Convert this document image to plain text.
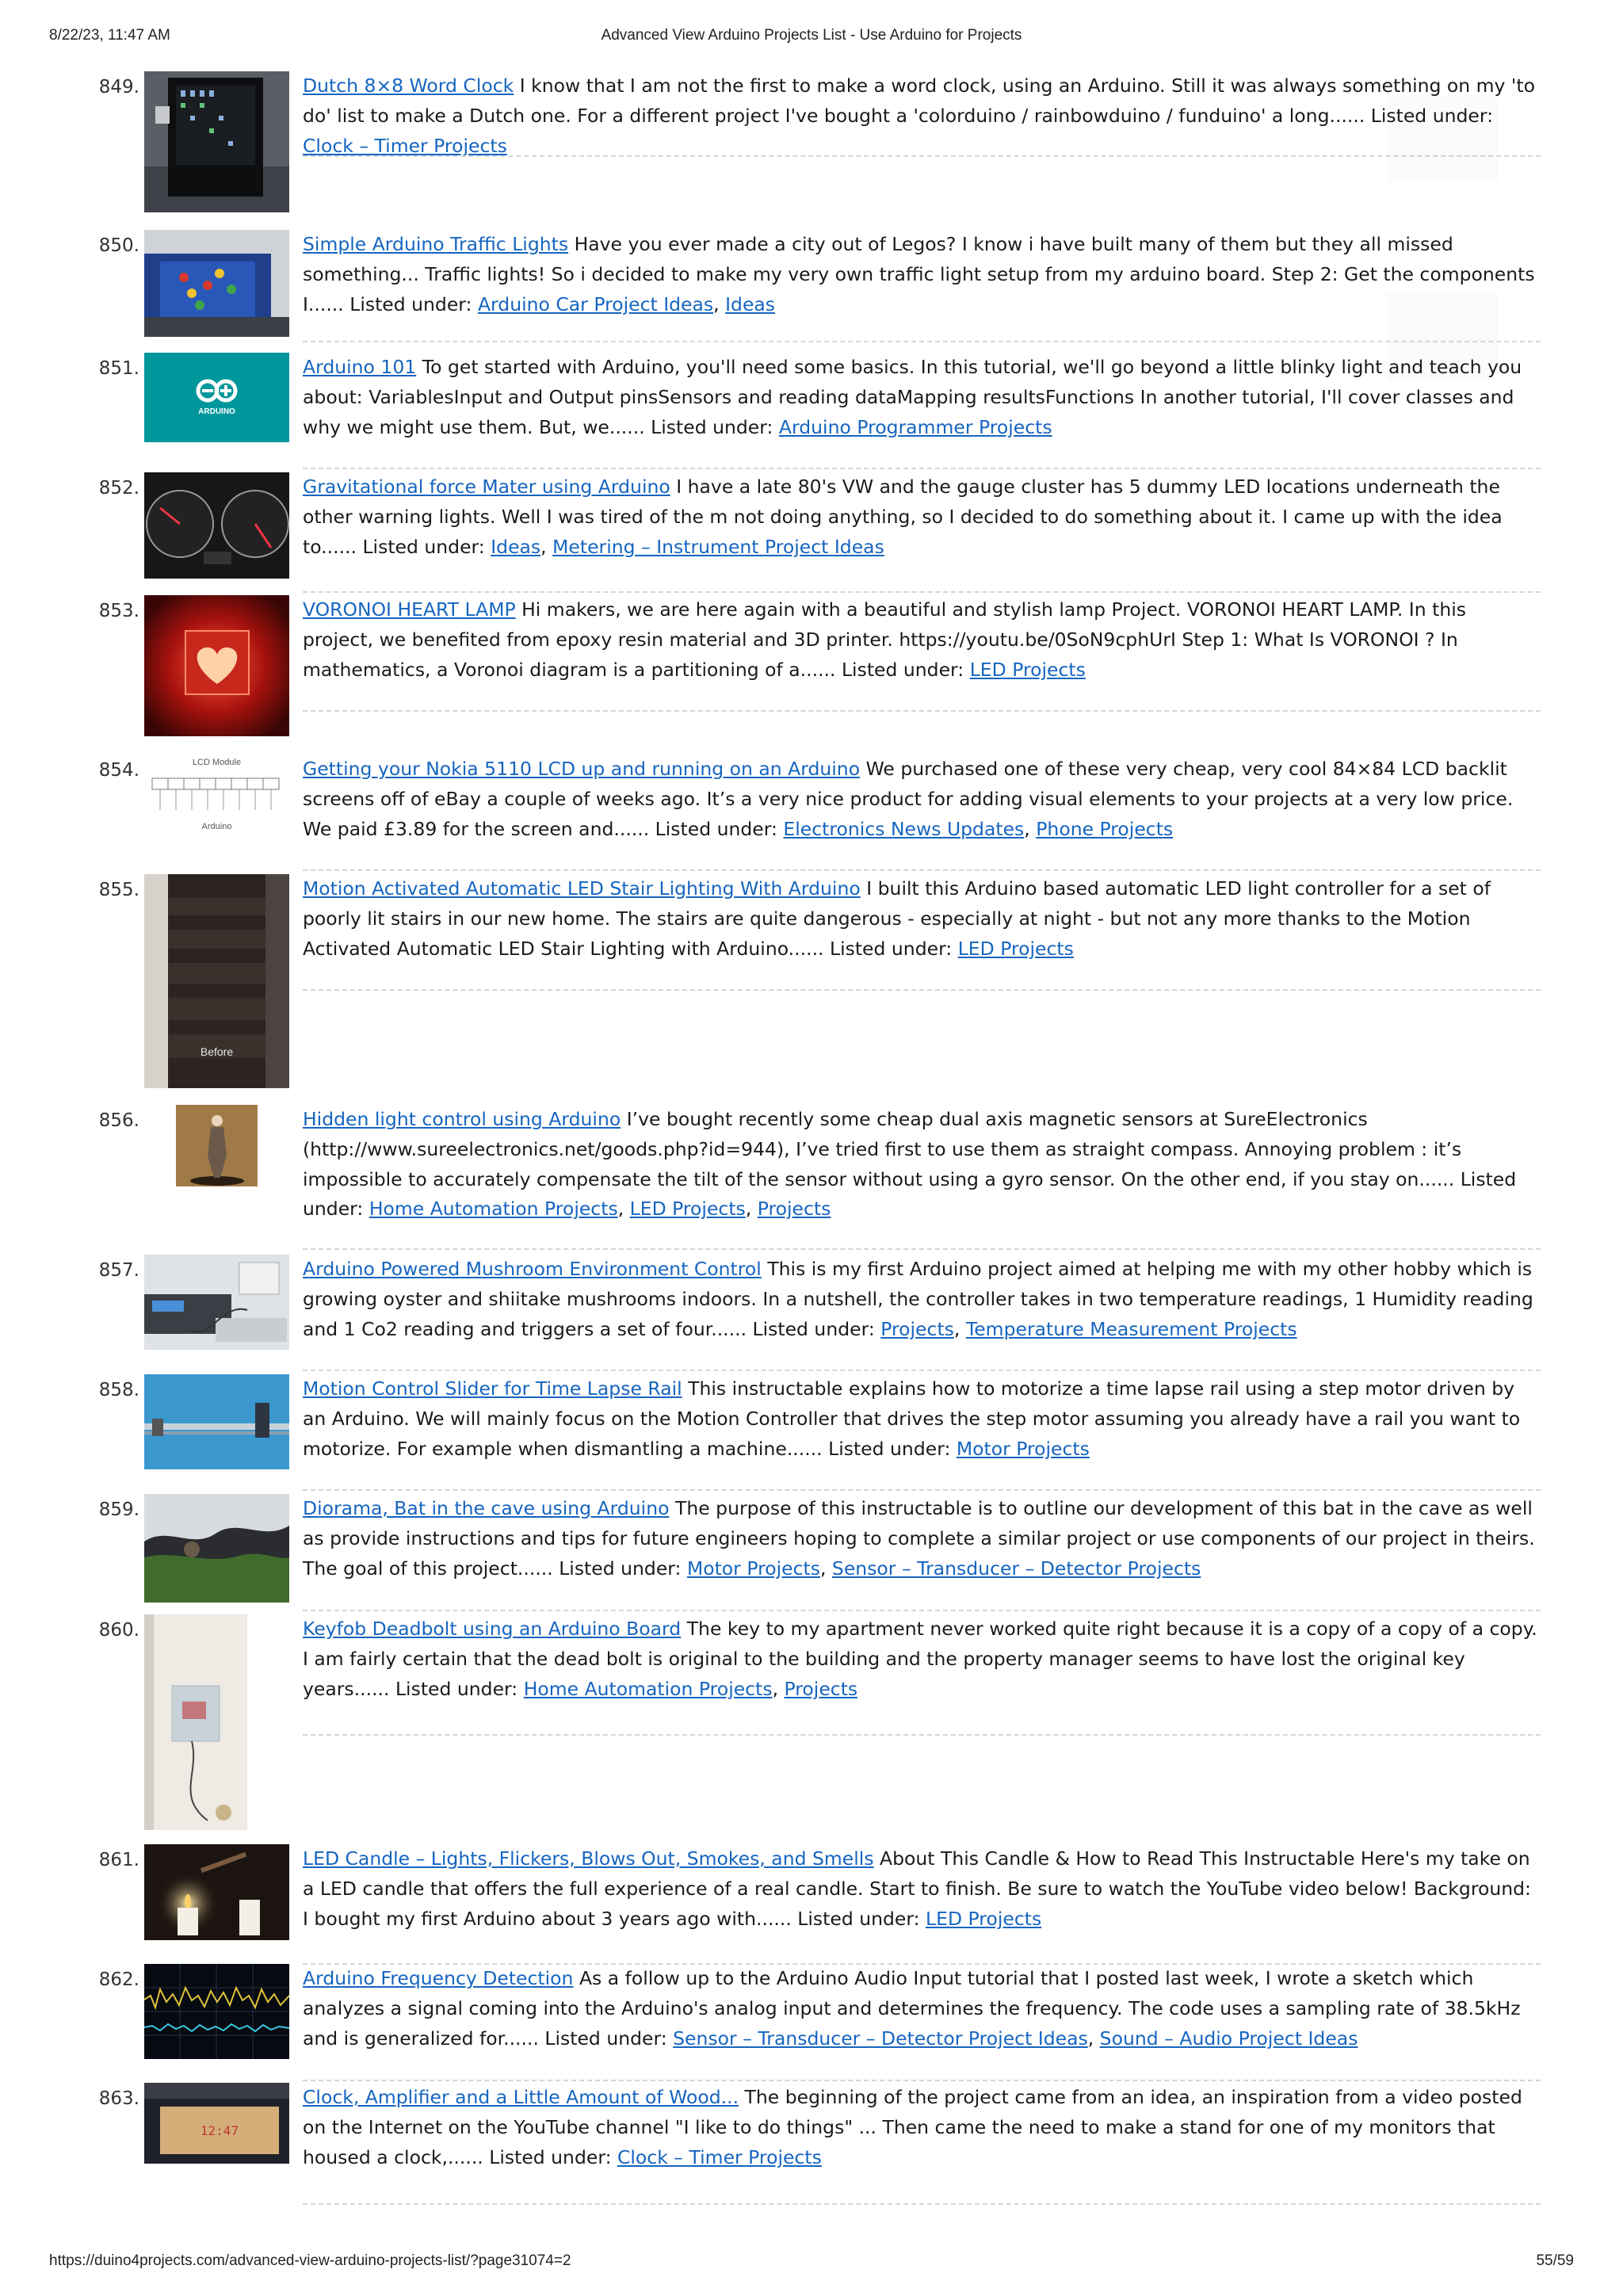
8/22/23, 11:47 AM	Advanced View Arduino Projects List - Use Arduino for Projects
849.	Dutch 8×8 Word Clock I know that I am not the first to make a word clock, using an Arduino. Still it was always something on my 'to do' list to make a Dutch one. For a different project I've bought a 'colorduino / rainbowduino / funduino' a long...... Listed under: Clock – Timer Projects
850.	Simple Arduino Traffic Lights Have you ever made a city out of Legos? I know i have built many of them but they all missed something... Traffic lights! So i decided to make my very own traffic light setup from my arduino board. Step 2: Get the components I...... Listed under: Arduino Car Project Ideas, Ideas
851.
ARDUINO
Arduino 101 To get started with Arduino, you'll need some basics. In this tutorial, we'll go beyond a little blinky light and teach you about: VariablesInput and Output pinsSensors and reading dataMapping resultsFunctions In another tutorial, I'll cover classes and why we might use them. But, we...... Listed under: Arduino Programmer Projects
852.	Gravitational force Mater using Arduino I have a late 80's VW and the gauge cluster has 5 dummy LED locations underneath the other warning lights. Well I was tired of the m not doing anything, so I decided to do something about it. I came up with the idea to...... Listed under: Ideas, Metering – Instrument Project Ideas
853.	VORONOI HEART LAMP Hi makers, we are here again with a beautiful and stylish lamp Project. VORONOI HEART LAMP. In this project, we benefited from epoxy resin material and 3D printer. https://youtu.be/0SoN9cphUrI Step 1: What Is VORONOI ? In mathematics, a Voronoi diagram is a partitioning of a...... Listed under: LED Projects
854.	LCD Module
Arduino
Getting your Nokia 5110 LCD up and running on an Arduino We purchased one of these very cheap, very cool 84×84 LCD backlit screens off of eBay a couple of weeks ago. It’s a very nice product for adding visual elements to your projects at a very low price. We paid £3.89 for the screen and...... Listed under: Electronics News Updates, Phone Projects
855.
Before
Motion Activated Automatic LED Stair Lighting With Arduino I built this Arduino based automatic LED light controller for a set of poorly lit stairs in our new home. The stairs are quite dangerous - especially at night - but not any more thanks to the Motion Activated Automatic LED Stair Lighting with Arduino...... Listed under: LED Projects
856.	Hidden light control using Arduino I’ve bought recently some cheap dual axis magnetic sensors at SureElectronics (http://www.sureelectronics.net/goods.php?id=944), I’ve tried first to use them as straight compass. Annoying problem : it’s impossible to accurately compensate the tilt of the sensor without using a gyro sensor. On the other end, if you stay on...... Listed under: Home Automation Projects, LED Projects, Projects
857.	Arduino Powered Mushroom Environment Control This is my first Arduino project aimed at helping me with my other hobby which is growing oyster and shiitake mushrooms indoors. In a nutshell, the controller takes in two temperature readings, 1 Humidity reading and 1 Co2 reading and triggers a set of four...... Listed under: Projects, Temperature Measurement Projects
858.	Motion Control Slider for Time Lapse Rail This instructable explains how to motorize a time lapse rail using a step motor driven by an Arduino. We will mainly focus on the Motion Controller that drives the step motor assuming you already have a rail you want to motorize. For example when dismantling a machine...... Listed under: Motor Projects
859.	Diorama, Bat in the cave using Arduino The purpose of this instructable is to outline our development of this bat in the cave as well as provide instructions and tips for future engineers hoping to complete a similar project or use components of our project in theirs. The goal of this project...... Listed under: Motor Projects, Sensor – Transducer – Detector Projects
860.	Keyfob Deadbolt using an Arduino Board The key to my apartment never worked quite right because it is a copy of a copy of a copy. I am fairly certain that the dead bolt is original to the building and the property manager seems to have lost the original key years...... Listed under: Home Automation Projects, Projects
861.	LED Candle – Lights, Flickers, Blows Out, Smokes, and Smells About This Candle & How to Read This Instructable Here's my take on a LED candle that offers the full experience of a real candle. Start to finish. Be sure to watch the YouTube video below! Background: I bought my first Arduino about 3 years ago with...... Listed under: LED Projects
862.	Arduino Frequency Detection As a follow up to the Arduino Audio Input tutorial that I posted last week, I wrote a sketch which analyzes a signal coming into the Arduino's analog input and determines the frequency. The code uses a sampling rate of 38.5kHz and is generalized for...... Listed under: Sensor – Transducer – Detector Project Ideas, Sound – Audio Project Ideas
863.
12:47
Clock, Amplifier and a Little Amount of Wood... The beginning of the project came from an idea, an inspiration from a video posted on the Internet on the YouTube channel "I like to do things" ... Then came the need to make a stand for one of my monitors that housed a clock,...... Listed under: Clock – Timer Projects
https://duino4projects.com/advanced-view-arduino-projects-list/?page31074=2	55/59
